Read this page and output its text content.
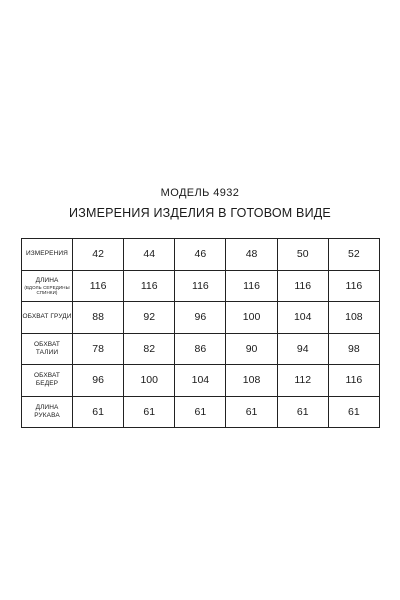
МОДЕЛЬ 4932
ИЗМЕРЕНИЯ ИЗДЕЛИЯ В ГОТОВОМ ВИДЕ
ИЗМЕРЕНИЯ	42	44	46	48	50	52
ДЛИНА
(ВДОЛЬ СЕРЕДИНЫ СПИНКИ)	116	116	116	116	116	116
ОБХВАТ ГРУДИ	88	92	96	100	104	108
ОБХВАТ ТАЛИИ	78	82	86	90	94	98
ОБХВАТ БЕДЕР	96	100	104	108	112	116
ДЛИНА РУКАВА	61	61	61	61	61	61
